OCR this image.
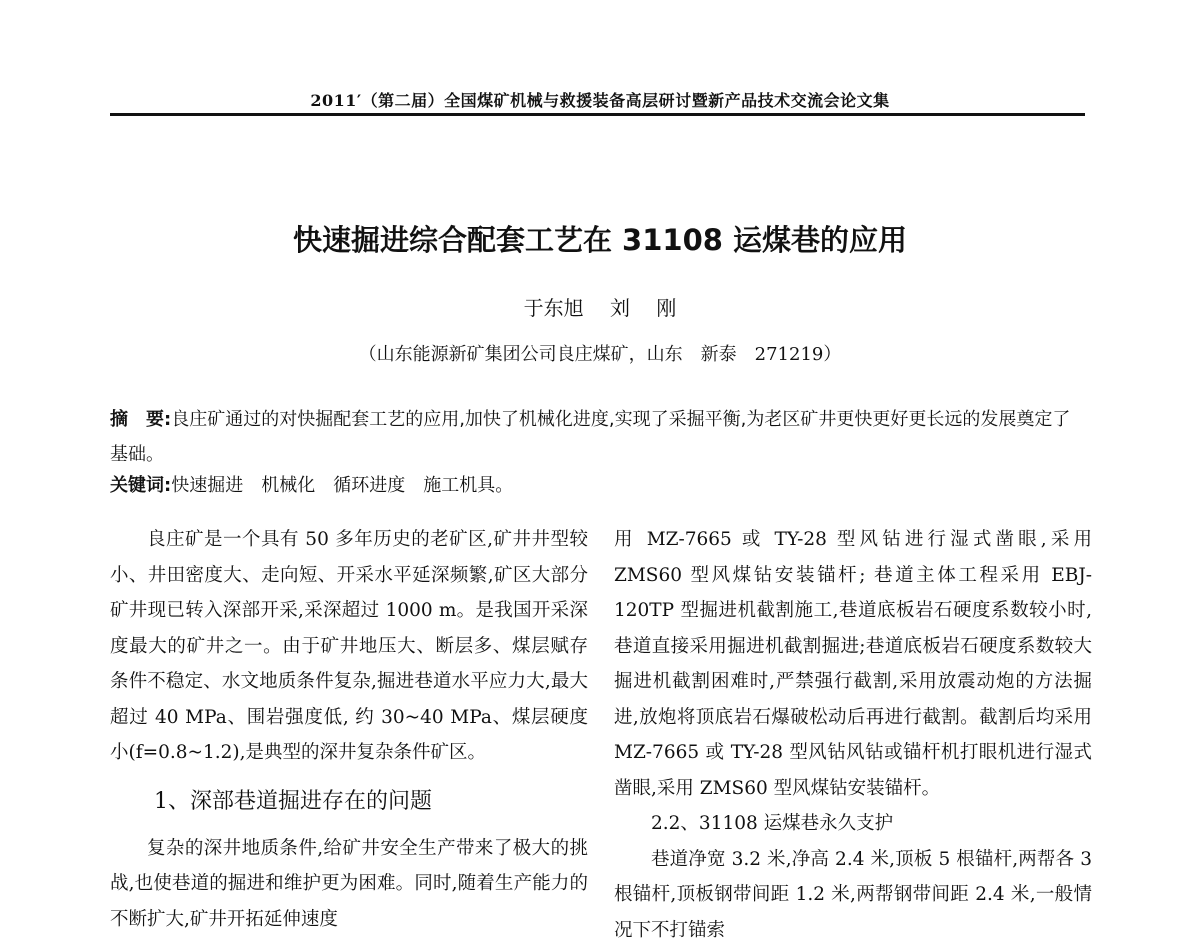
2011′（第二届）全国煤矿机械与救援装备高层研讨暨新产品技术交流会论文集
快速掘进综合配套工艺在 31108 运煤巷的应用
于东旭 刘 刚
（山东能源新矿集团公司良庄煤矿，山东　新泰　271219）
摘　要:良庄矿通过的对快掘配套工艺的应用,加快了机械化进度,实现了采掘平衡,为老区矿井更快更好更长远的发展奠定了基础。
关键词:快速掘进 机械化 循环进度 施工机具。

良庄矿是一个具有 50 多年历史的老矿区,矿井井型较小、井田密度大、走向短、开采水平延深频繁,矿区大部分矿井现已转入深部开采,采深超过 1000 m。是我国开采深度最大的矿井之一。由于矿井地压大、断层多、煤层赋存条件不稳定、水文地质条件复杂,掘进巷道水平应力大,最大超过 40 MPa、围岩强度低, 约 30~40 MPa、煤层硬度小(f=0.8~1.2),是典型的深井复杂条件矿区。

1、深部巷道掘进存在的问题

复杂的深井地质条件,给矿井安全生产带来了极大的挑战,也使巷道的掘进和维护更为困难。同时,随着生产能力的不断扩大,矿井开拓延伸速度

用 MZ-7665 或 TY-28 型风钻进行湿式凿眼,采用 ZMS60 型风煤钻安装锚杆; 巷道主体工程采用 EBJ-120TP 型掘进机截割施工,巷道底板岩石硬度系数较小时,巷道直接采用掘进机截割掘进;巷道底板岩石硬度系数较大掘进机截割困难时,严禁强行截割,采用放震动炮的方法掘进,放炮将顶底岩石爆破松动后再进行截割。截割后均采用 MZ-7665 或 TY-28 型风钻风钻或锚杆机打眼机进行湿式凿眼,采用 ZMS60 型风煤钻安装锚杆。

2.2、31108 运煤巷永久支护

巷道净宽 3.2 米,净高 2.4 米,顶板 5 根锚杆,两帮各 3 根锚杆,顶板钢带间距 1.2 米,两帮钢带间距 2.4 米,一般情况下不打锚索
